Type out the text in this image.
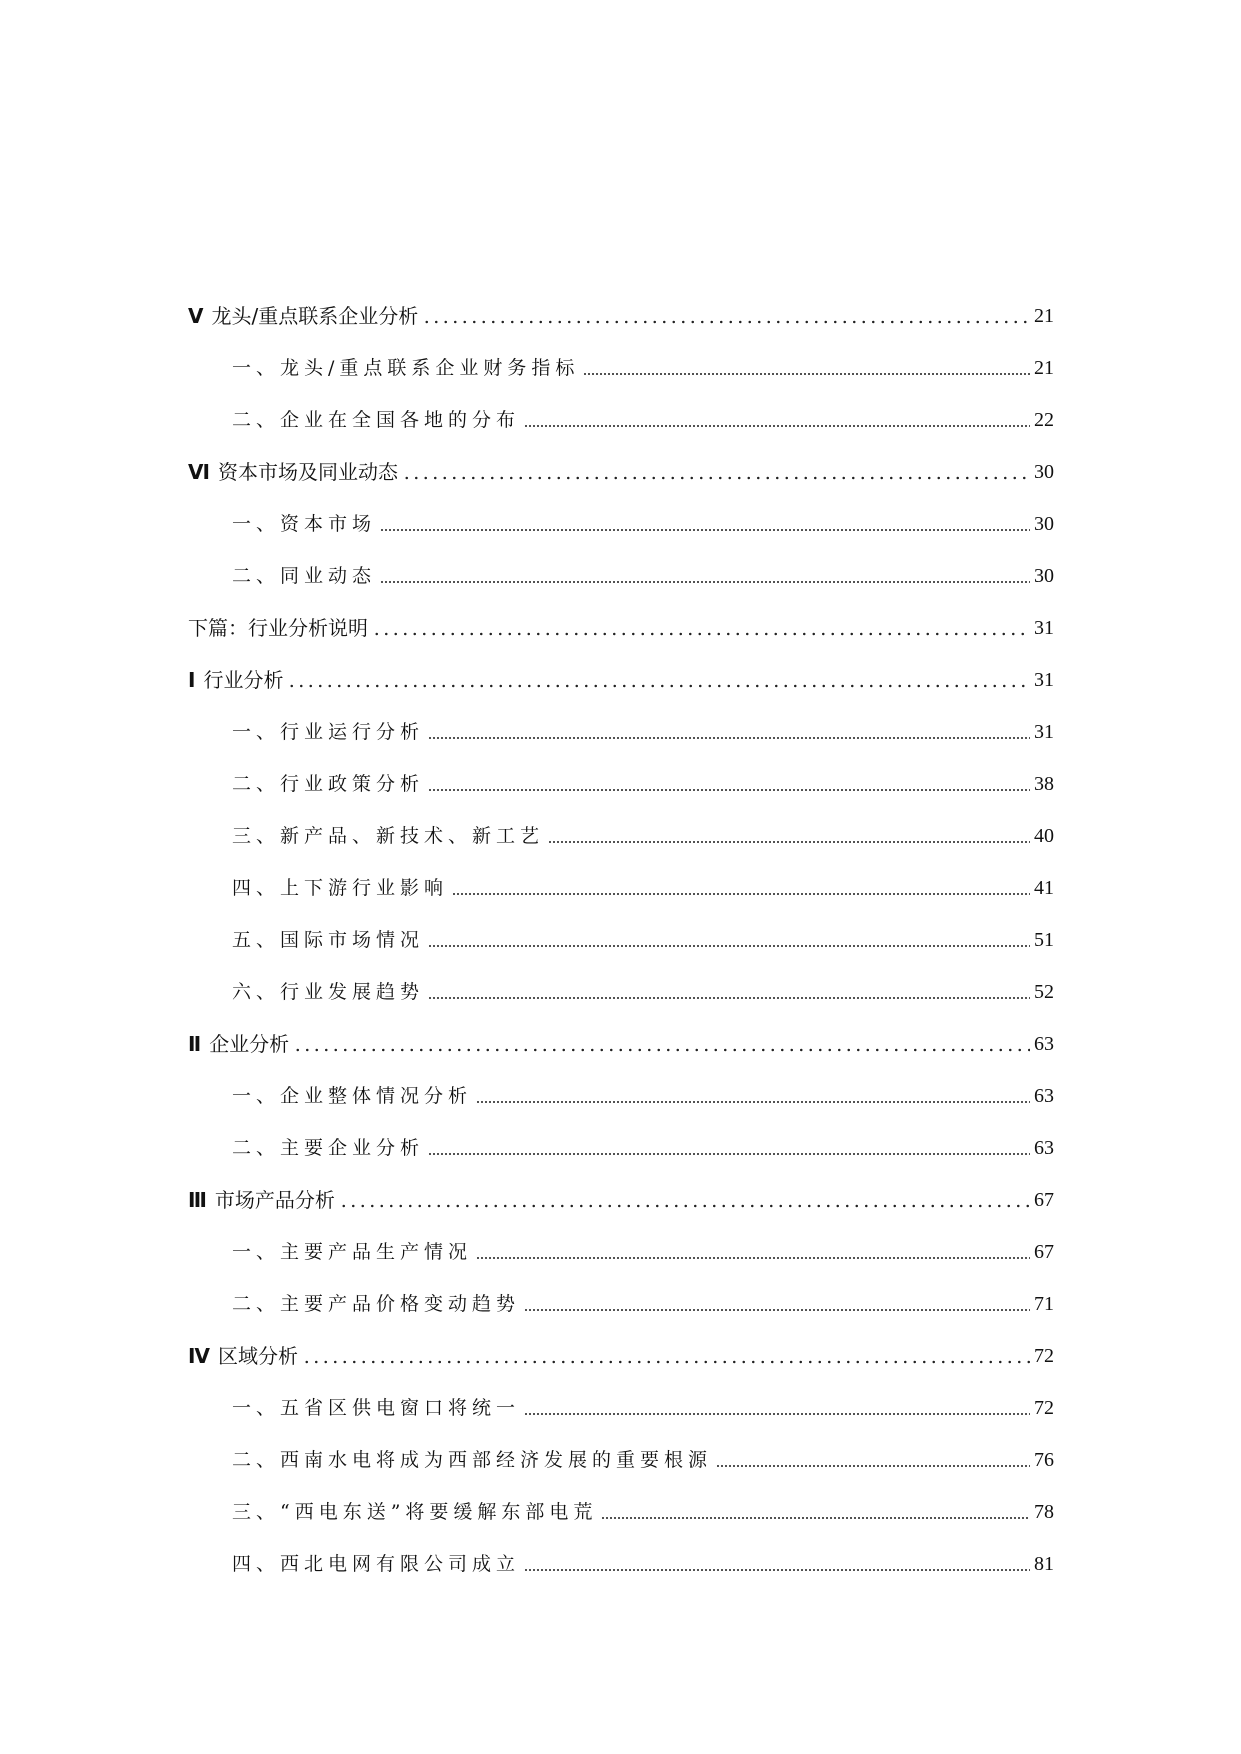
Ⅴ 龙头/重点联系企业分析	21
一、龙头/重点联系企业财务指标	21
二、企业在全国各地的分布	22
Ⅵ 资本市场及同业动态	30
一、资本市场	30
二、同业动态	30
下篇：行业分析说明	31
Ⅰ 行业分析	31
一、行业运行分析	31
二、行业政策分析	38
三、新产品、新技术、新工艺	40
四、上下游行业影响	41
五、国际市场情况	51
六、行业发展趋势	52
Ⅱ 企业分析	63
一、企业整体情况分析	63
二、主要企业分析	63
Ⅲ 市场产品分析	67
一、主要产品生产情况	67
二、主要产品价格变动趋势	71
Ⅳ 区域分析	72
一、五省区供电窗口将统一	72
二、西南水电将成为西部经济发展的重要根源	76
三、“西电东送”将要缓解东部电荒	78
四、西北电网有限公司成立	81
